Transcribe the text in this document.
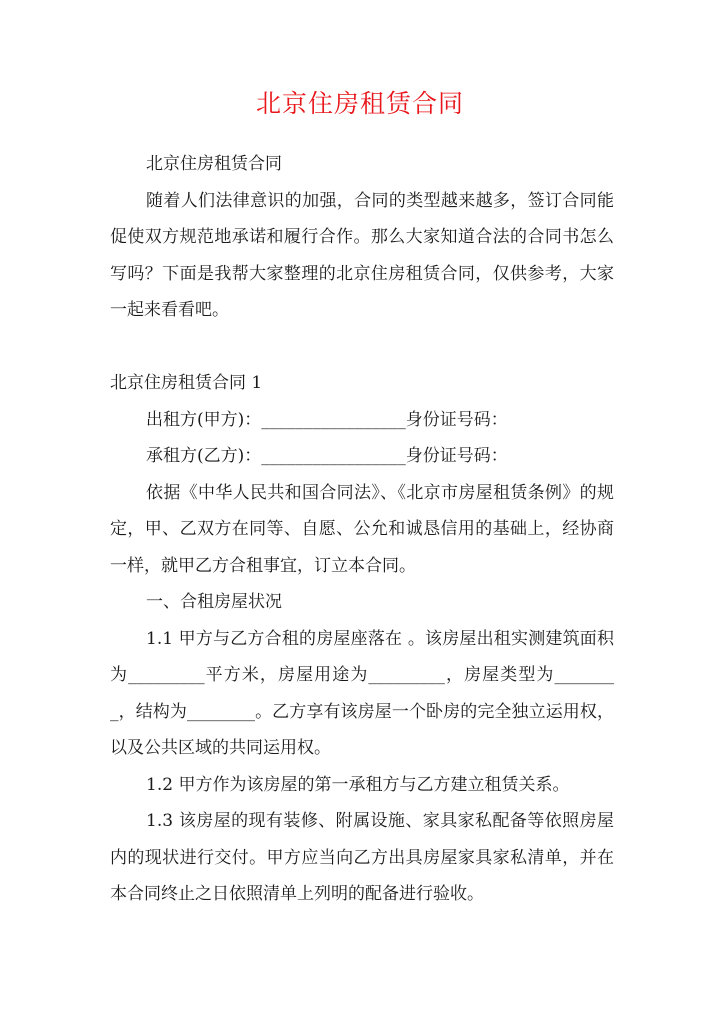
北京住房租赁合同

北京住房租赁合同

随着人们法律意识的加强，合同的类型越来越多，签订合同能促使双方规范地承诺和履行合作。那么大家知道合法的合同书怎么写吗？下面是我帮大家整理的北京住房租赁合同，仅供参考，大家一起来看看吧。

北京住房租赁合同 1

出租方(甲方)：_________________身份证号码：

承租方(乙方)：_________________身份证号码：

依据《中华人民共和国合同法》、《北京市房屋租赁条例》的规定，甲、乙双方在同等、自愿、公允和诚恳信用的基础上，经协商一样，就甲乙方合租事宜，订立本合同。

一、合租房屋状况

1.1 甲方与乙方合租的房屋座落在 。该房屋出租实测建筑面积为_________平方米，房屋用途为_________，房屋类型为________，结构为________。乙方享有该房屋一个卧房的完全独立运用权，以及公共区域的共同运用权。

1.2 甲方作为该房屋的第一承租方与乙方建立租赁关系。

1.3 该房屋的现有装修、附属设施、家具家私配备等依照房屋内的现状进行交付。甲方应当向乙方出具房屋家具家私清单，并在本合同终止之日依照清单上列明的配备进行验收。
